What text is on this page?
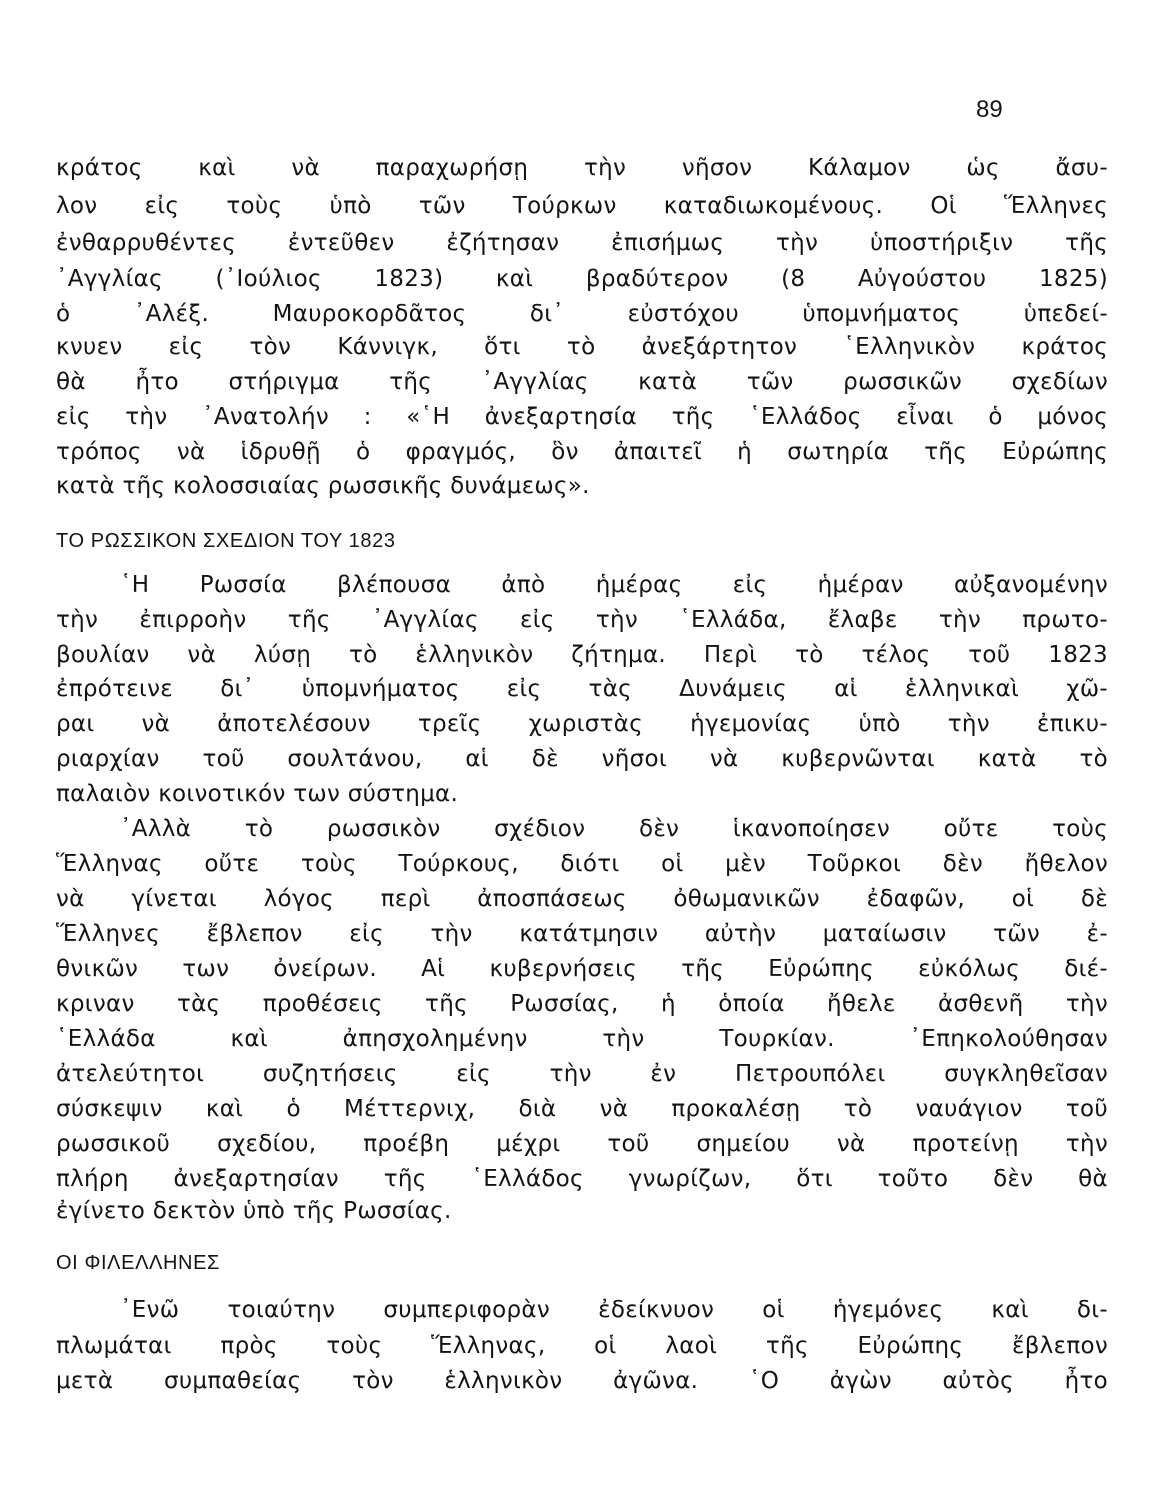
89
κράτος καὶ νὰ παραχωρήσῃ τὴν νῆσον Κάλαμον ὡς ἄσυ-
λον εἰς τοὺς ὑπὸ τῶν Τούρκων καταδιωκομένους. Οἱ Ἕλληνες
ἐνθαρρυθέντες ἐντεῦθεν ἐζήτησαν ἐπισήμως τὴν ὑποστήριξιν τῆς
᾽Αγγλίας (᾽Ιούλιος 1823) καὶ βραδύτερον (8 Αὐγούστου 1825)
ὁ ᾽Αλέξ. Μαυροκορδᾶτος δι᾽ εὐστόχου ὑπομνήματος ὑπεδεί-
κνυεν εἰς τὸν Κάννιγκ, ὅτι τὸ ἀνεξάρτητον ῾Ελληνικὸν κράτος
θὰ ἦτο στήριγμα τῆς ᾽Αγγλίας κατὰ τῶν ρωσσικῶν σχεδίων
εἰς τὴν ᾽Ανατολήν : «῾Η ἀνεξαρτησία τῆς ῾Ελλάδος εἶναι ὁ μόνος
τρόπος νὰ ἱδρυθῇ ὁ φραγμός, ὃν ἀπαιτεῖ ἡ σωτηρία τῆς Εὐρώπης
κατὰ τῆς κολοσσιαίας ρωσσικῆς δυνάμεως».
ΤΟ ΡΩΣΣΙΚΟΝ ΣΧΕΔΙΟΝ ΤΟΥ 1823
῾Η Ρωσσία βλέπουσα ἀπὸ ἡμέρας εἰς ἡμέραν αὐξανομένην
τὴν ἐπιρροὴν τῆς ᾽Αγγλίας εἰς τὴν ῾Ελλάδα, ἔλαβε τὴν πρωτο-
βουλίαν νὰ λύσῃ τὸ ἑλληνικὸν ζήτημα. Περὶ τὸ τέλος τοῦ 1823
ἐπρότεινε δι᾽ ὑπομνήματος εἰς τὰς Δυνάμεις αἱ ἑλληνικαὶ χῶ-
ραι νὰ ἀποτελέσουν τρεῖς χωριστὰς ἡγεμονίας ὑπὸ τὴν ἐπικυ-
ριαρχίαν τοῦ σουλτάνου, αἱ δὲ νῆσοι νὰ κυβερνῶνται κατὰ τὸ
παλαιὸν κοινοτικόν των σύστημα.
᾽Αλλὰ τὸ ρωσσικὸν σχέδιον δὲν ἱκανοποίησεν οὔτε τοὺς
Ἕλληνας οὔτε τοὺς Τούρκους, διότι οἱ μὲν Τοῦρκοι δὲν ἤθελον
νὰ γίνεται λόγος περὶ ἀποσπάσεως ὀθωμανικῶν ἐδαφῶν, οἱ δὲ
Ἕλληνες ἔβλεπον εἰς τὴν κατάτμησιν αὐτὴν ματαίωσιν τῶν ἐ-
θνικῶν των ὀνείρων. Αἱ κυβερνήσεις τῆς Εὐρώπης εὐκόλως διέ-
κριναν τὰς προθέσεις τῆς Ρωσσίας, ἡ ὁποία ἤθελε ἀσθενῆ τὴν
῾Ελλάδα καὶ ἀπησχολημένην τὴν Τουρκίαν. ᾽Επηκολούθησαν
ἀτελεύτητοι συζητήσεις εἰς τὴν ἐν Πετρουπόλει συγκληθεῖσαν
σύσκεψιν καὶ ὁ Μέττερνιχ, διὰ νὰ προκαλέσῃ τὸ ναυάγιον τοῦ
ρωσσικοῦ σχεδίου, προέβη μέχρι τοῦ σημείου νὰ προτείνῃ τὴν
πλήρη ἀνεξαρτησίαν τῆς ῾Ελλάδος γνωρίζων, ὅτι τοῦτο δὲν θὰ
ἐγίνετο δεκτὸν ὑπὸ τῆς Ρωσσίας.
ΟΙ ΦΙΛΕΛΛΗΝΕΣ
᾽Ενῶ τοιαύτην συμπεριφορὰν ἐδείκνυον οἱ ἡγεμόνες καὶ δι-
πλωμάται πρὸς τοὺς Ἕλληνας, οἱ λαοὶ τῆς Εὐρώπης ἔβλεπον
μετὰ συμπαθείας τὸν ἑλληνικὸν ἀγῶνα. ῾Ο ἀγὼν αὐτὸς ἦτο
